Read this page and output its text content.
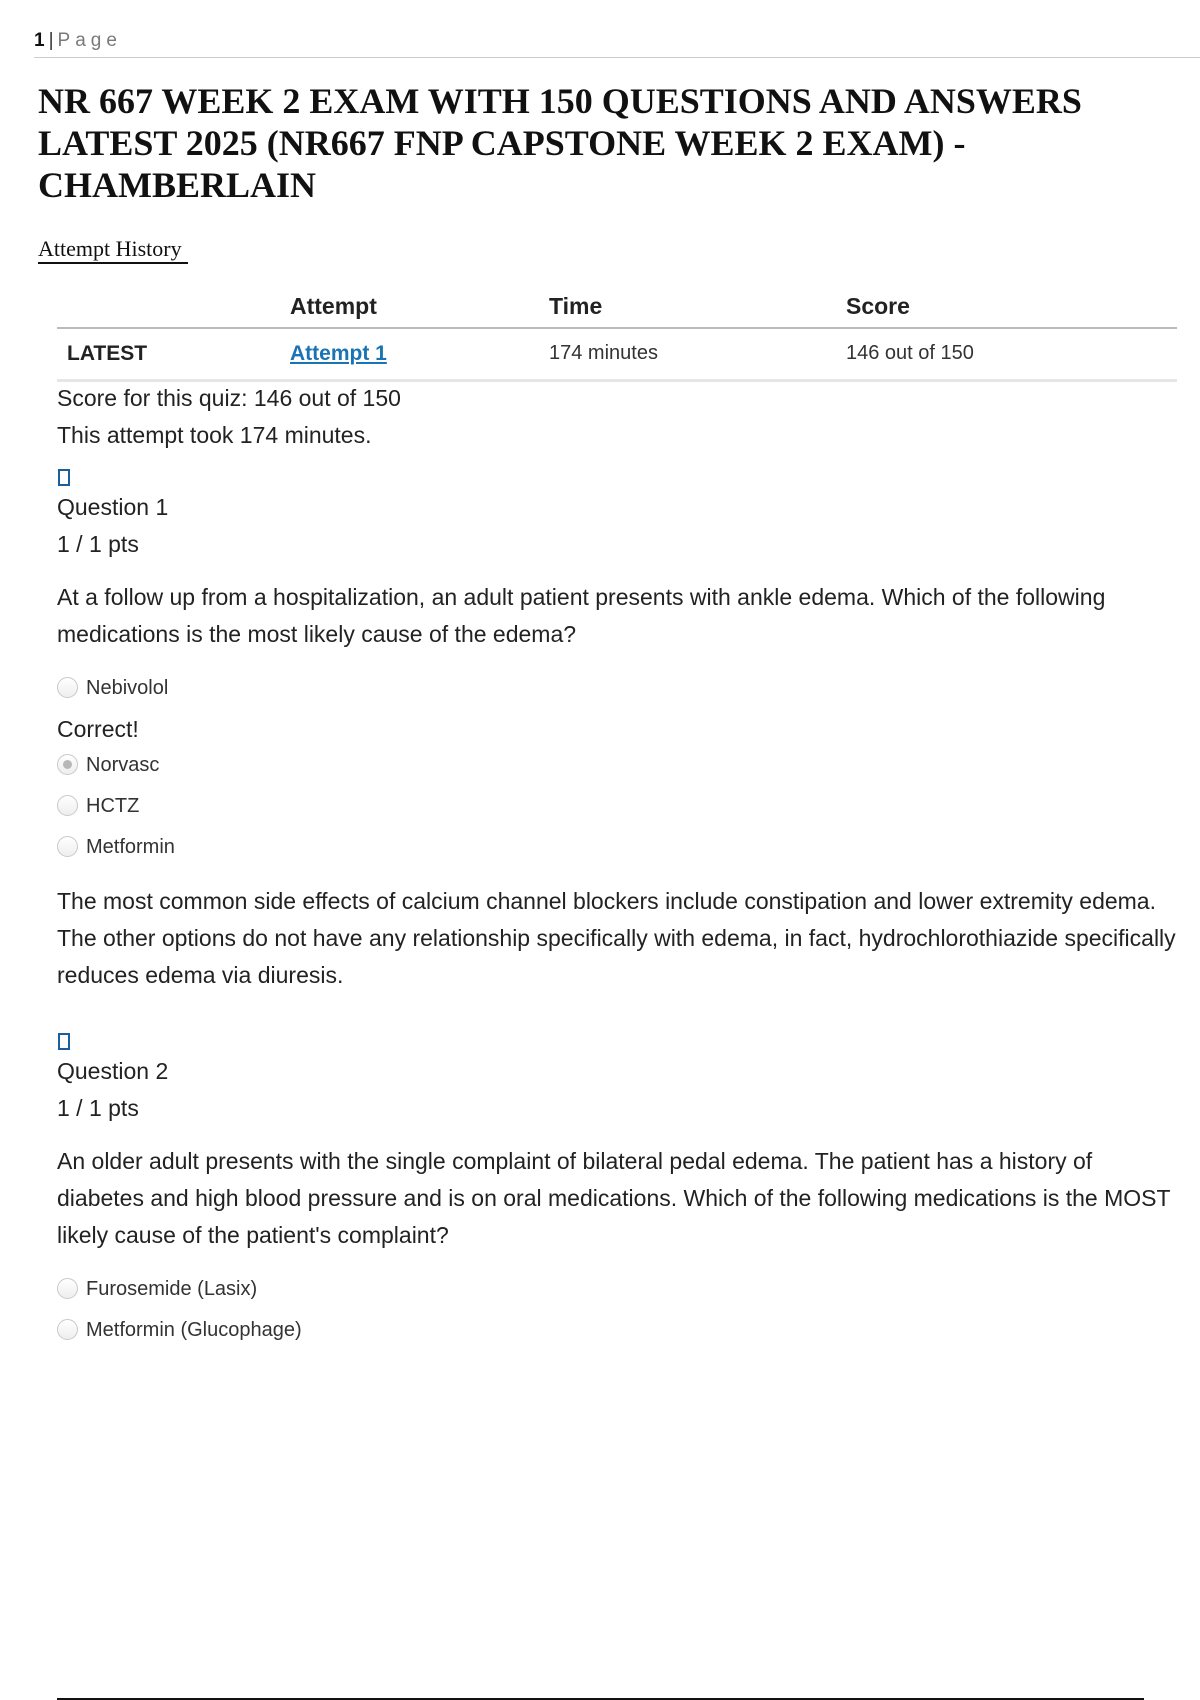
1 | Page
NR 667 WEEK 2 EXAM WITH 150 QUESTIONS AND ANSWERS LATEST 2025 (NR667 FNP CAPSTONE WEEK 2 EXAM) - CHAMBERLAIN
Attempt History
	Attempt	Time	Score
LATEST	Attempt 1	174 minutes	146 out of 150
Score for this quiz: 146 out of 150
This attempt took 174 minutes.
Question 1
1 / 1 pts
At a follow up from a hospitalization, an adult patient presents with ankle edema. Which of the following medications is the most likely cause of the edema?
Nebivolol
Correct!
Norvasc
HCTZ
Metformin
The most common side effects of calcium channel blockers include constipation and lower extremity edema. The other options do not have any relationship specifically with edema, in fact, hydrochlorothiazide specifically reduces edema via diuresis.
Question 2
1 / 1 pts
An older adult presents with the single complaint of bilateral pedal edema. The patient has a history of diabetes and high blood pressure and is on oral medications. Which of the following medications is the MOST likely cause of the patient's complaint?
Furosemide (Lasix)
Metformin (Glucophage)
